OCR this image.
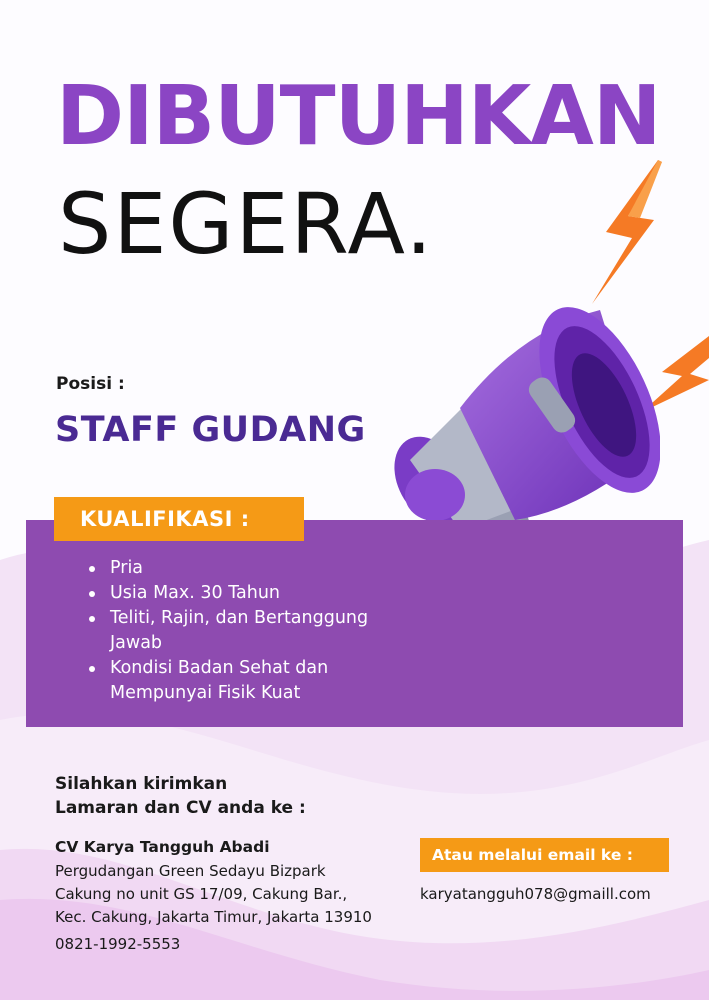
DIBUTUHKAN
SEGERA.
Posisi :
STAFF GUDANG
KUALIFIKASI :
Pria
Usia Max. 30 Tahun
Teliti, Rajin, dan Bertanggung Jawab
Kondisi Badan Sehat dan Mempunyai Fisik Kuat
Silahkan kirimkan
Lamaran dan CV anda ke :
CV Karya Tangguh Abadi
Pergudangan Green Sedayu Bizpark
Cakung no unit GS 17/09, Cakung Bar.,
Kec. Cakung, Jakarta Timur, Jakarta 13910
0821-1992-5553
Atau melalui email ke :
karyatangguh078@gmaill.com
